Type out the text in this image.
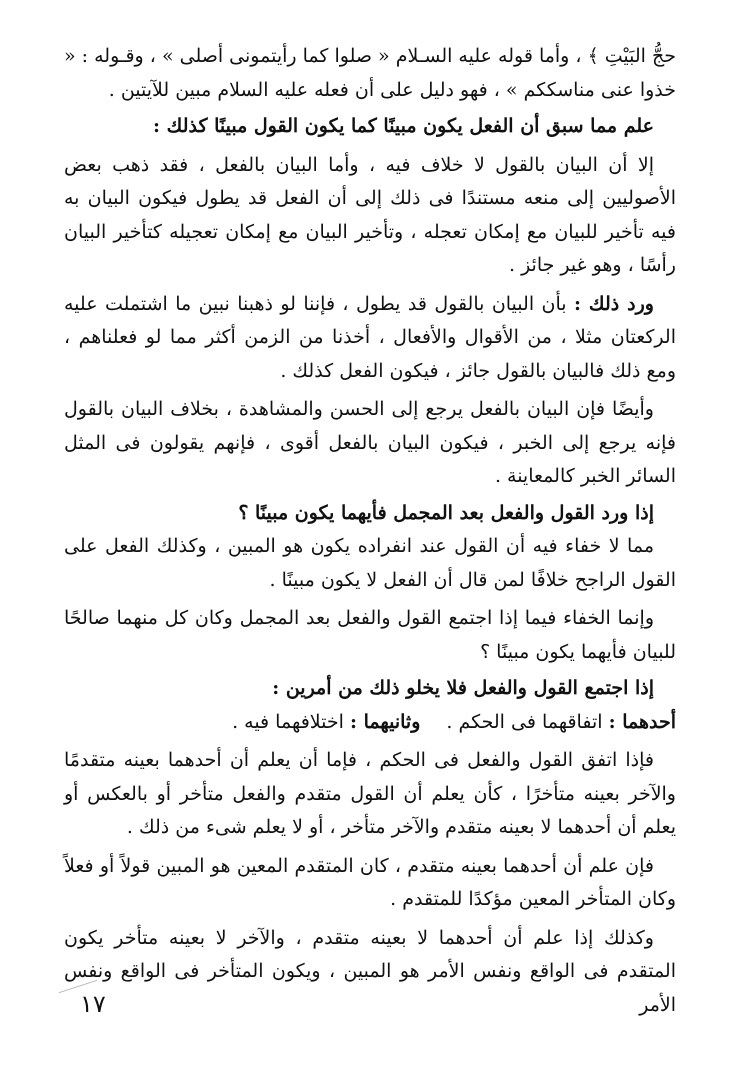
حجُّ البَيْتِ ﴾ ، وأما قوله عليه السـلام « صلوا كما رأيتمونى أصلى » ، وقـوله : « خذوا عنى مناسككم » ، فهو دليل على أن فعله عليه السلام مبين للآيتين .

علم مما سبق أن الفعل يكون مبينًا كما يكون القول مبينًا كذلك :

إلا أن البيان بالقول لا خلاف فيه ، وأما البيان بالفعل ، فقد ذهب بعض الأصوليين إلى منعه مستندًا فى ذلك إلى أن الفعل قد يطول فيكون البيان به فيه تأخير للبيان مع إمكان تعجله ، وتأخير البيان مع إمكان تعجيله كتأخير البيان رأسًا ، وهو غير جائز .

ورد ذلك : بأن البيان بالقول قد يطول ، فإننا لو ذهبنا نبين ما اشتملت عليه الركعتان مثلا ، من الأقوال والأفعال ، أخذنا من الزمن أكثر مما لو فعلناهم ، ومع ذلك فالبيان بالقول جائز ، فيكون الفعل كذلك .

وأيضًا فإن البيان بالفعل يرجع إلى الحسن والمشاهدة ، بخلاف البيان بالقول فإنه يرجع إلى الخبر ، فيكون البيان بالفعل أقوى ، فإنهم يقولون فى المثل السائر الخبر كالمعاينة .

إذا ورد القول والفعل بعد المجمل فأيهما يكون مبينًا ؟

مما لا خفاء فيه أن القول عند انفراده يكون هو المبين ، وكذلك الفعل على القول الراجح خلافًا لمن قال أن الفعل لا يكون مبينًا .

وإنما الخفاء فيما إذا اجتمع القول والفعل بعد المجمل وكان كل منهما صالحًا للبيان فأيهما يكون مبينًا ؟

إذا اجتمع القول والفعل فلا يخلو ذلك من أمرين :

أحدهما : اتفاقهما فى الحكم .
وثانيهما : اختلافهما فيه .

فإذا اتفق القول والفعل فى الحكم ، فإما أن يعلم أن أحدهما بعينه متقدمًا والآخر بعينه متأخرًا ، كأن يعلم أن القول متقدم والفعل متأخر أو بالعكس أو يعلم أن أحدهما لا بعينه متقدم والآخر متأخر ، أو لا يعلم شىء من ذلك .

فإن علم أن أحدهما بعينه متقدم ، كان المتقدم المعين هو المبين قولاً أو فعلاً وكان المتأخر المعين مؤكدًا للمتقدم .

وكذلك إذا علم أن أحدهما لا بعينه متقدم ، والآخر لا بعينه متأخر يكون المتقدم فى الواقع ونفس الأمر هو المبين ، ويكون المتأخر فى الواقع ونفس الأمر

١٧
